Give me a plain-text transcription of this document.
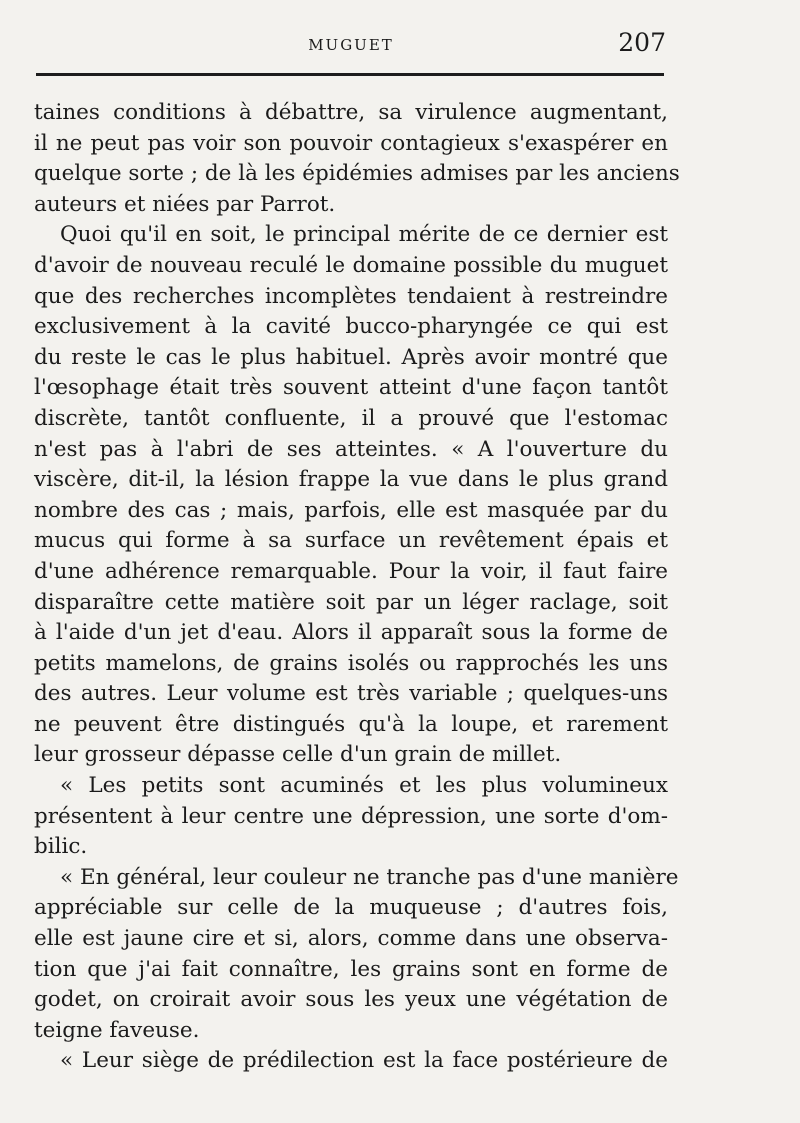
MUGUET	207
taines conditions à débattre, sa virulence augmentant,
il ne peut pas voir son pouvoir contagieux s'exaspérer en
quelque sorte ; de là les épidémies admises par les anciens
auteurs et niées par Parrot.
Quoi qu'il en soit, le principal mérite de ce dernier est
d'avoir de nouveau reculé le domaine possible du muguet
que des recherches incomplètes tendaient à restreindre
exclusivement à la cavité bucco-pharyngée ce qui est
du reste le cas le plus habituel. Après avoir montré que
l'œsophage était très souvent atteint d'une façon tantôt
discrète, tantôt confluente, il a prouvé que l'estomac
n'est pas à l'abri de ses atteintes. « A l'ouverture du
viscère, dit-il, la lésion frappe la vue dans le plus grand
nombre des cas ; mais, parfois, elle est masquée par du
mucus qui forme à sa surface un revêtement épais et
d'une adhérence remarquable. Pour la voir, il faut faire
disparaître cette matière soit par un léger raclage, soit
à l'aide d'un jet d'eau. Alors il apparaît sous la forme de
petits mamelons, de grains isolés ou rapprochés les uns
des autres. Leur volume est très variable ; quelques-uns
ne peuvent être distingués qu'à la loupe, et rarement
leur grosseur dépasse celle d'un grain de millet.
« Les petits sont acuminés et les plus volumineux
présentent à leur centre une dépression, une sorte d'om-
bilic.
« En général, leur couleur ne tranche pas d'une manière
appréciable sur celle de la muqueuse ; d'autres fois,
elle est jaune cire et si, alors, comme dans une observa-
tion que j'ai fait connaître, les grains sont en forme de
godet, on croirait avoir sous les yeux une végétation de
teigne faveuse.
« Leur siège de prédilection est la face postérieure de
